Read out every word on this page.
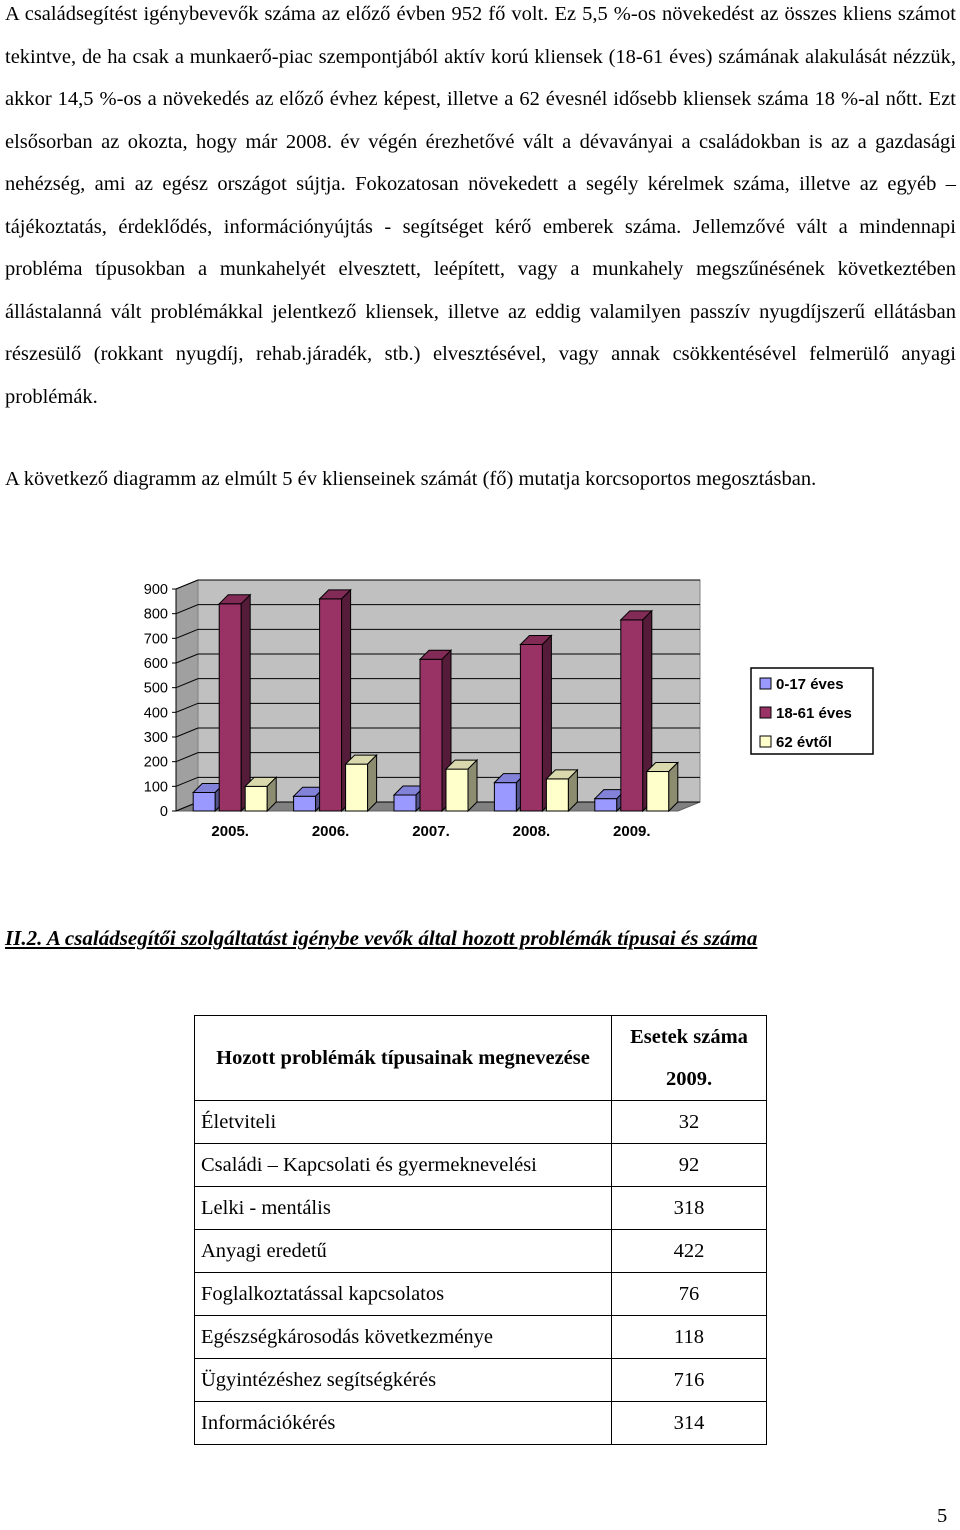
A családsegítést igénybevevők száma az előző évben 952 fő volt. Ez 5,5 %-os növekedést az összes kliens számot tekintve, de ha csak a munkaerő-piac szempontjából aktív korú kliensek (18-61 éves) számának alakulását nézzük, akkor 14,5 %-os a növekedés az előző évhez képest, illetve a 62 évesnél idősebb kliensek száma 18 %-al nőtt. Ezt elsősorban az okozta, hogy már 2008. év végén érezhetővé vált a dévaványai a családokban is az a gazdasági nehézség, ami az egész országot sújtja. Fokozatosan növekedett a segély kérelmek száma, illetve az egyéb – tájékoztatás, érdeklődés, információnyújtás - segítséget kérő emberek száma. Jellemzővé vált a mindennapi probléma típusokban a munkahelyét elvesztett, leépített, vagy a munkahely megszűnésének következtében állástalanná vált problémákkal jelentkező kliensek, illetve az eddig valamilyen passzív nyugdíjszerű ellátásban részesülő (rokkant nyugdíj, rehab.járadék, stb.) elvesztésével, vagy annak csökkentésével felmerülő anyagi problémák.

A következő diagramm az elmúlt 5 év klienseinek számát (fő) mutatja korcsoportos megosztásban.

0
100
200
300
400
500
600
700
800
900
2005.	2006.	2007.	2008.	2009.
0-17 éves
18-61 éves
62 évtől

II.2. A családsegítői szolgáltatást igénybe vevők által hozott problémák típusai és száma

Hozott problémák típusainak megnevezése	Esetek száma 2009.
Életviteli	32
Családi – Kapcsolati és gyermeknevelési	92
Lelki - mentális	318
Anyagi eredetű	422
Foglalkoztatással kapcsolatos	76
Egészségkárosodás következménye	118
Ügyintézéshez segítségkérés	716
Információkérés	314
5
